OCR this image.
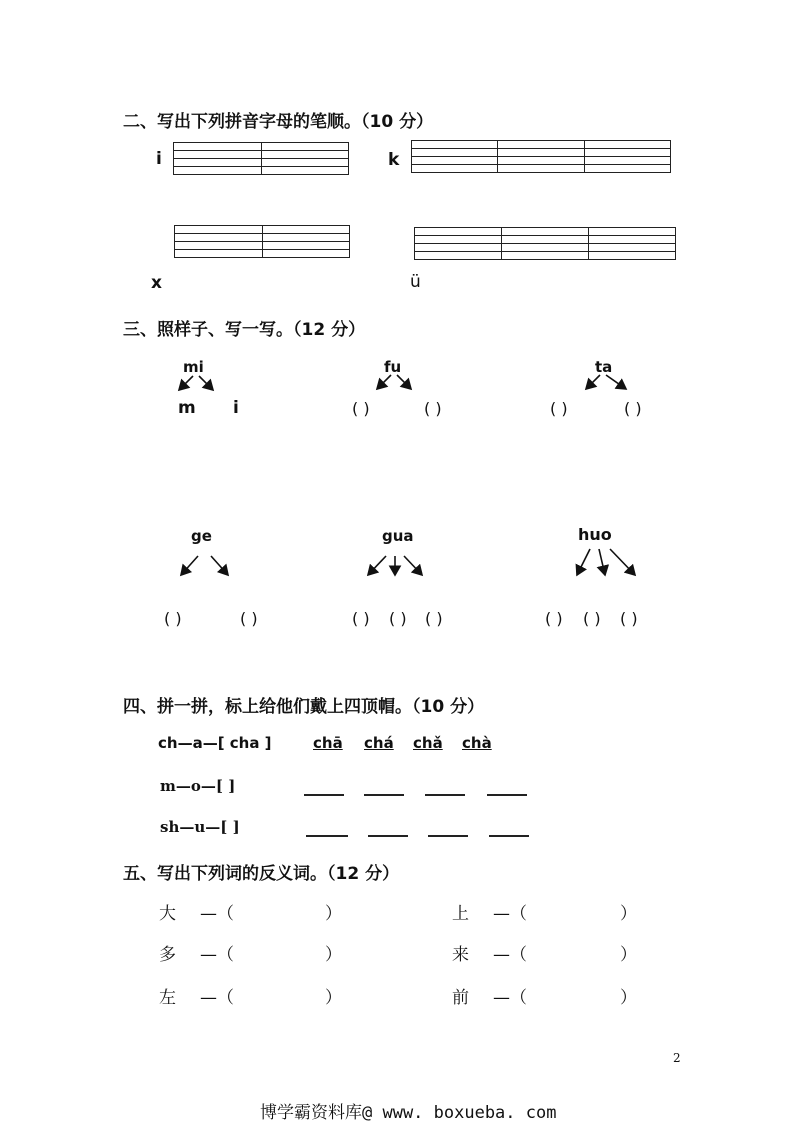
二、写出下列拼音字母的笔顺。（10 分）
i	k
x	ü
三、照样子、写一写。（12 分）
mi
m i
fu
( )	( )
ta
( )	( )
ge
( )	( )
gua
( ) ( ) ( )
huo
( ) ( ) ( )
四、拼一拼，标上给他们戴上四顶帽。（10 分）
ch—a—[ cha ]	chā chá chǎ chà
m—o—[ ]
sh—u—[ ]
五、写出下列词的反义词。（12 分）
大 —（	）
多 —（	）
左 —（	）
上 —（	）
来 —（	）
前 —（	）
2
博学霸资料库@ www. boxueba. com
